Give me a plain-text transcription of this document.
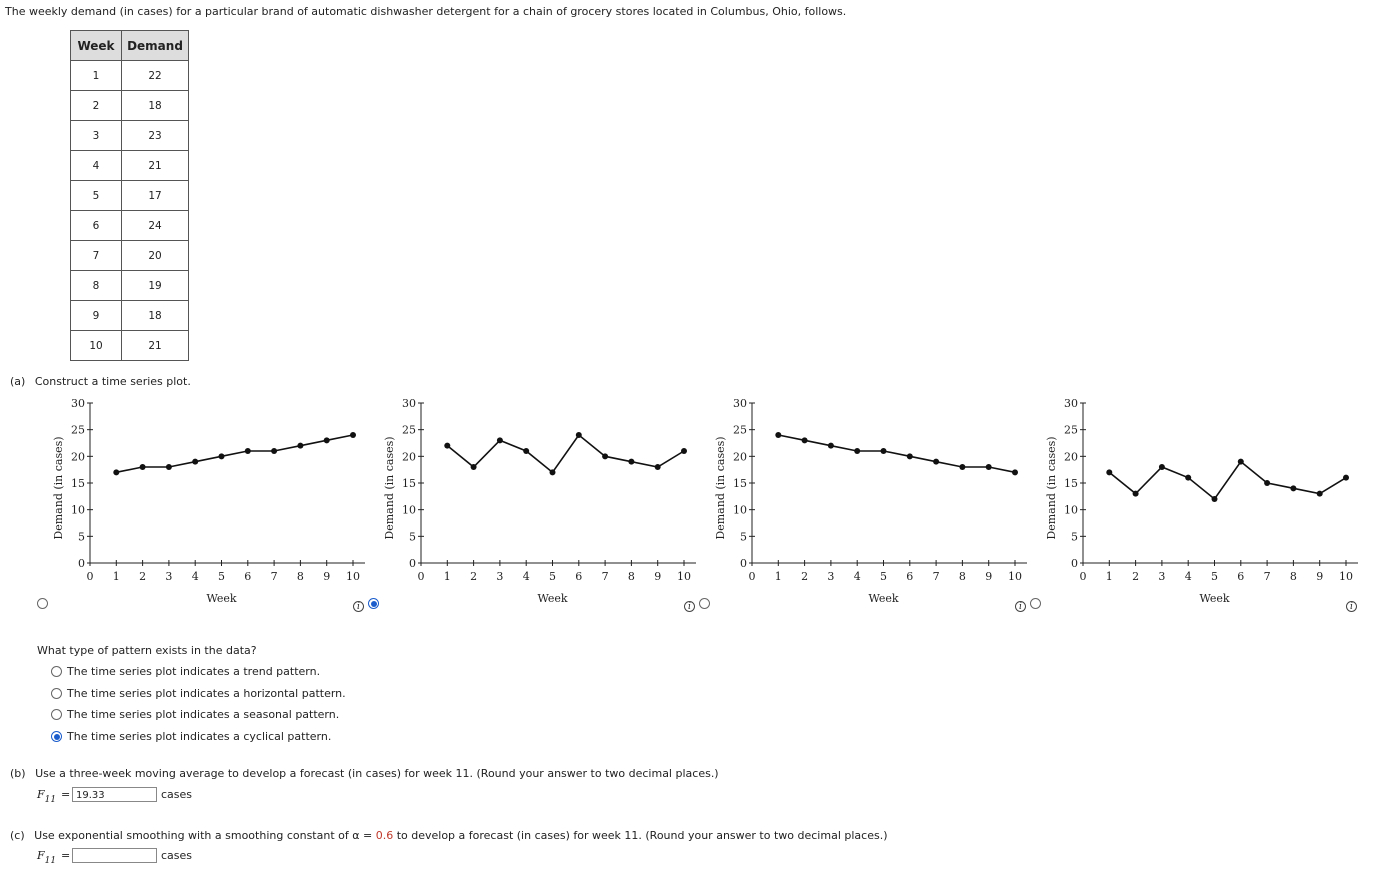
The weekly demand (in cases) for a particular brand of automatic dishwasher detergent for a chain of grocery stores located in Columbus, Ohio, follows.
Week	Demand
1	22
2	18
3	23
4	21
5	17
6	24
7	20
8	19
9	18
10	21
(a) Construct a time series plot.
0
5
10
15
20
25
30
0 1 2 3 4 5 6 7 8 9 10
Week
Demand (in cases)
0
5
10
15
20
25
30
0 1 2 3 4 5 6 7 8 9 10
Week
Demand (in cases)
0
5
10
15
20
25
30
0 1 2 3 4 5 6 7 8 9 10
Week
Demand (in cases)
0
5
10
15
20
25
30
0 1 2 3 4 5 6 7 8 9 10
Week
Demand (in cases)
i	i	i	i
What type of pattern exists in the data?
The time series plot indicates a trend pattern.
The time series plot indicates a horizontal pattern.
The time series plot indicates a seasonal pattern.
The time series plot indicates a cyclical pattern.
(b) Use a three-week moving average to develop a forecast (in cases) for week 11. (Round your answer to two decimal places.)
$F_{11} = 19.33$	cases
(c) Use exponential smoothing with a smoothing constant of α = 0.6 to develop a forecast (in cases) for week 11. (Round your answer to two decimal places.)
$F_{11}$ =	cases
